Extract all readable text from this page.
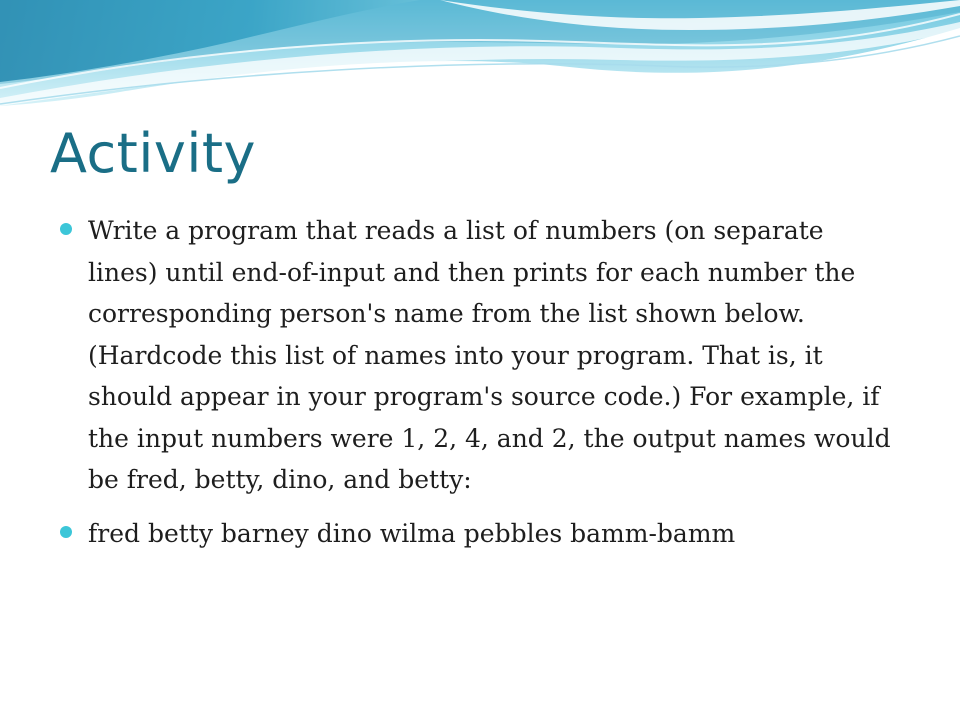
Activity
Write a program that reads a list of numbers (on separate lines) until end-of-input and then prints for each number the corresponding person's name from the list shown below. (Hardcode this list of names into your program. That is, it should appear in your program's source code.) For example, if the input numbers were 1, 2, 4, and 2, the output names would be fred, betty, dino, and betty:
fred betty barney dino wilma pebbles bamm-bamm
